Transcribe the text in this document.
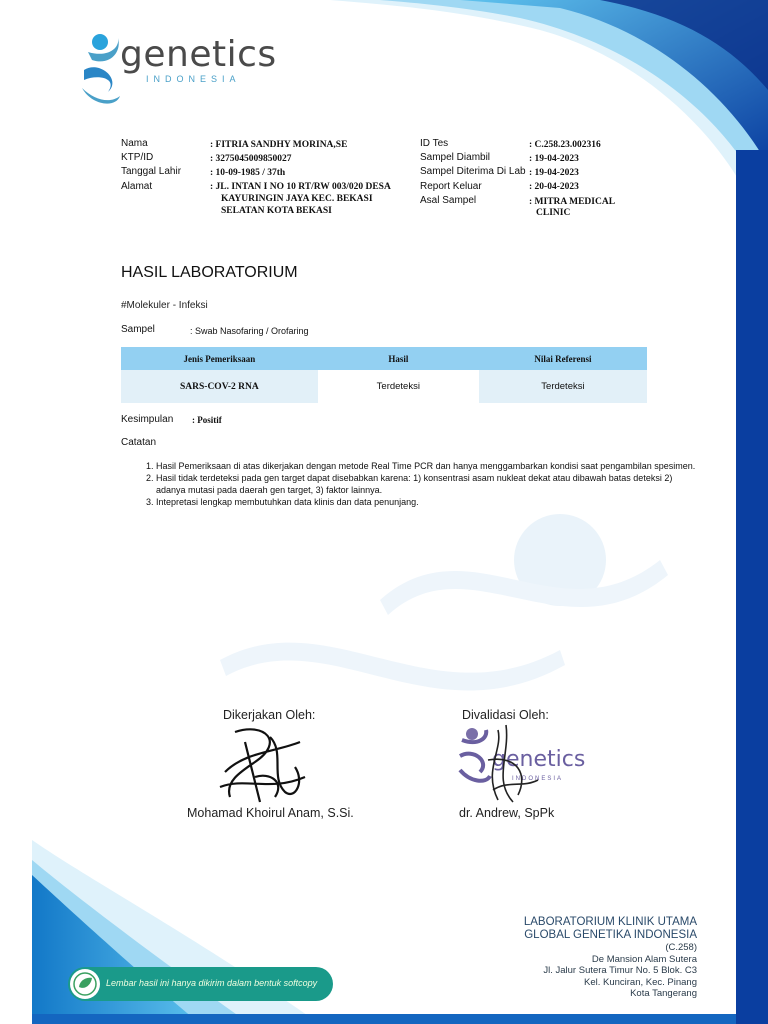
genetics
INDONESIA
Nama	: FITRIA SANDHY MORINA,SE
KTP/ID	: 3275045009850027
Tanggal Lahir	: 10-09-1985 / 37th
Alamat	: JL. INTAN I NO 10 RT/RW 003/020 DESA
KAYURINGIN JAYA KEC. BEKASI
SELATAN KOTA BEKASI
ID Tes	: C.258.23.002316
Sampel Diambil	: 19-04-2023
Sampel Diterima Di Lab : 19-04-2023
Report Keluar	: 20-04-2023
Asal Sampel	: MITRA MEDICAL
CLINIC
HASIL LABORATORIUM
#Molekuler - Infeksi
Sampel	: Swab Nasofaring / Orofaring
Jenis Pemeriksaan	Hasil	Nilai Referensi
SARS-COV-2 RNA	Terdeteksi	Terdeteksi
Kesimpulan : Positif
Catatan
1. Hasil Pemeriksaan di atas dikerjakan dengan metode Real Time PCR dan hanya menggambarkan kondisi saat pengambilan spesimen.
2. Hasil tidak terdeteksi pada gen target dapat disebabkan karena: 1) konsentrasi asam nukleat dekat atau dibawah batas deteksi 2) adanya mutasi pada daerah gen target, 3) faktor lainnya.
3. Intepretasi lengkap membutuhkan data klinis dan data penunjang.
Dikerjakan Oleh:
Mohamad Khoirul Anam, S.Si.
Divalidasi Oleh:
genetics
INDONESIA
dr. Andrew, SpPk
LABORATORIUM KLINIK UTAMA
GLOBAL GENETIKA INDONESIA
(C.258)
De Mansion Alam Sutera
Jl. Jalur Sutera Timur No. 5 Blok. C3
Kel. Kunciran, Kec. Pinang
Kota Tangerang
Lembar hasil ini hanya dikirim dalam bentuk softcopy
